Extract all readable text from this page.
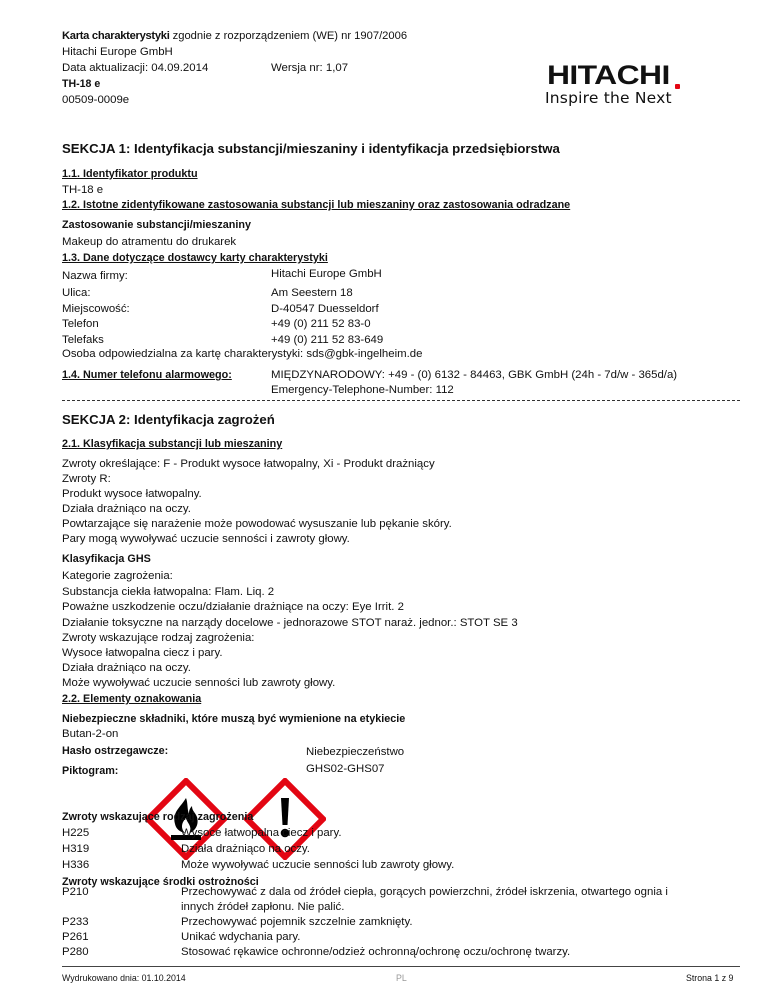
Karta charakterystyki zgodnie z rozporządzeniem (WE) nr 1907/2006
Hitachi Europe GmbH
Data aktualizacji: 04.09.2014	Wersja nr: 1,07
TH-18 e
00509-0009e
HITACHI
Inspire the Next
SEKCJA 1: Identyfikacja substancji/mieszaniny i identyfikacja przedsiębiorstwa
1.1. Identyfikator produktu
TH-18 e
1.2. Istotne zidentyfikowane zastosowania substancji lub mieszaniny oraz zastosowania odradzane
Zastosowanie substancji/mieszaniny
Makeup do atramentu do drukarek
1.3. Dane dotyczące dostawcy karty charakterystyki
Nazwa firmy:	Hitachi Europe GmbH
Ulica:	Am Seestern 18
Miejscowość:	D-40547 Duesseldorf
Telefon	+49 (0) 211 52 83-0
Telefaks	+49 (0) 211 52 83-649
Osoba odpowiedzialna za kartę charakterystyki: sds@gbk-ingelheim.de
1.4. Numer telefonu alarmowego:	MIĘDZYNARODOWY: +49 - (0) 6132 - 84463, GBK GmbH (24h - 7d/w - 365d/a)
Emergency-Telephone-Number: 112
SEKCJA 2: Identyfikacja zagrożeń
2.1. Klasyfikacja substancji lub mieszaniny
Zwroty określające: F - Produkt wysoce łatwopalny, Xi - Produkt drażniący
Zwroty R:
Produkt wysoce łatwopalny.
Działa drażniąco na oczy.
Powtarzające się narażenie może powodować wysuszanie lub pękanie skóry.
Pary mogą wywoływać uczucie senności i zawroty głowy.
Klasyfikacja GHS
Kategorie zagrożenia:
Substancja ciekła łatwopalna: Flam. Liq. 2
Poważne uszkodzenie oczu/działanie drażniące na oczy: Eye Irrit. 2
Działanie toksyczne na narządy docelowe - jednorazowe STOT naraż. jednor.: STOT SE 3
Zwroty wskazujące rodzaj zagrożenia:
Wysoce łatwopalna ciecz i pary.
Działa drażniąco na oczy.
Może wywoływać uczucie senności lub zawroty głowy.
2.2. Elementy oznakowania
Niebezpieczne składniki, które muszą być wymienione na etykiecie
Butan-2-on
Hasło ostrzegawcze:	Niebezpieczeństwo
Piktogram:	GHS02-GHS07
Zwroty wskazujące rodzaj zagrożenia
H225	Wysoce łatwopalna ciecz i pary.
H319	Działa drażniąco na oczy.
H336	Może wywoływać uczucie senności lub zawroty głowy.
Zwroty wskazujące środki ostrożności
P210	Przechowywać z dala od źródeł ciepła, gorących powierzchni, źródeł iskrzenia, otwartego ognia i
innych źródeł zapłonu. Nie palić.
P233	Przechowywać pojemnik szczelnie zamknięty.
P261	Unikać wdychania pary.
P280	Stosować rękawice ochronne/odzież ochronną/ochronę oczu/ochronę twarzy.
Wydrukowano dnia: 01.10.2014	PL	Strona 1 z 9
